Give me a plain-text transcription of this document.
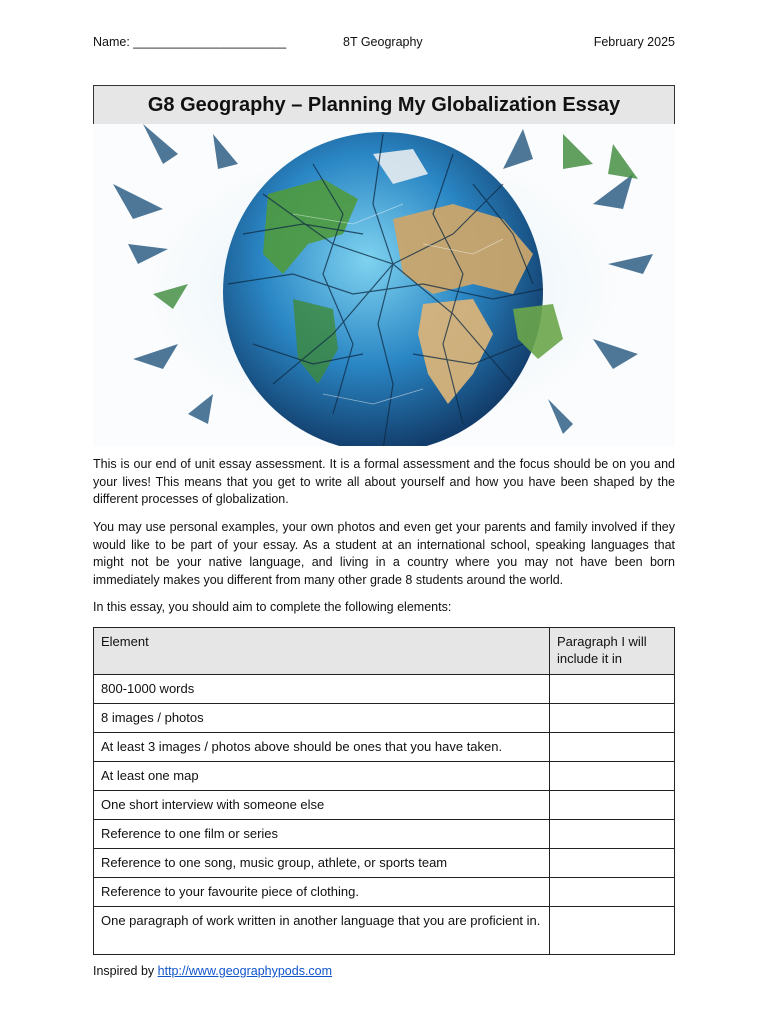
Name: ______________________	8T Geography	February 2025
G8 Geography – Planning My Globalization Essay

This is our end of unit essay assessment. It is a formal assessment and the focus should be on you and your lives! This means that you get to write all about yourself and how you have been shaped by the different processes of globalization.

You may use personal examples, your own photos and even get your parents and family involved if they would like to be part of your essay. As a student at an international school, speaking languages that might not be your native language, and living in a country where you may not have been born immediately makes you different from many other grade 8 students around the world.

In this essay, you should aim to complete the following elements:

Element	Paragraph I will include it in
800-1000 words	
8 images / photos	
At least 3 images / photos above should be ones that you have taken.	
At least one map	
One short interview with someone else	
Reference to one film or series	
Reference to one song, music group, athlete, or sports team	
Reference to your favourite piece of clothing.	
One paragraph of work written in another language that you are proficient in.	
Inspired by http://www.geographypods.com
